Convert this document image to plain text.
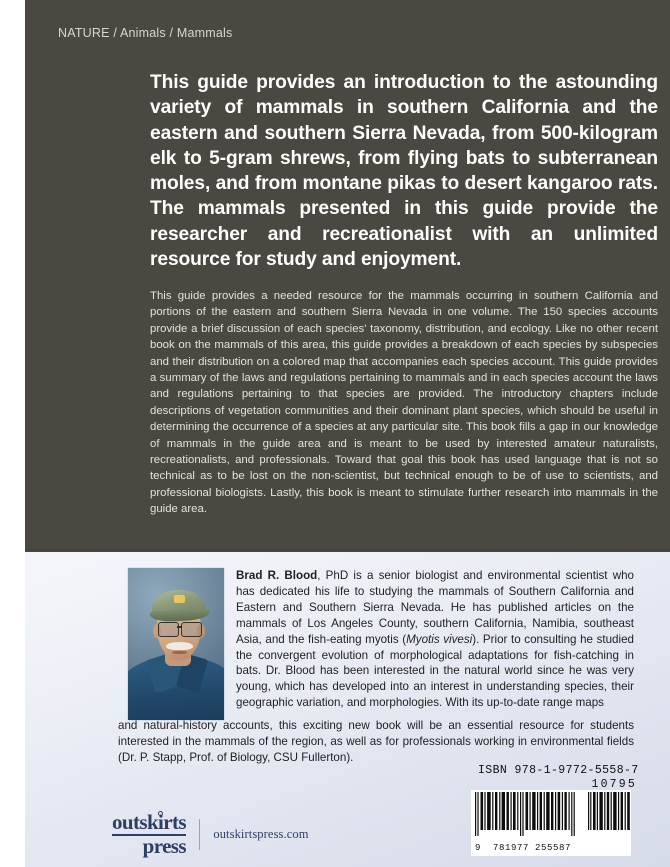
NATURE / Animals / Mammals
This guide provides an introduction to the astounding variety of mammals in southern California and the eastern and southern Sierra Nevada, from 500-kilogram elk to 5-gram shrews, from flying bats to subterranean moles, and from montane pikas to desert kangaroo rats. The mammals presented in this guide provide the researcher and recreationalist with an unlimited resource for study and enjoyment.
This guide provides a needed resource for the mammals occurring in southern California and portions of the eastern and southern Sierra Nevada in one volume. The 150 species accounts provide a brief discussion of each species' taxonomy, distribution, and ecology. Like no other recent book on the mammals of this area, this guide provides a breakdown of each species by subspecies and their distribution on a colored map that accompanies each species account. This guide provides a summary of the laws and regulations pertaining to mammals and in each species account the laws and regulations pertaining to that species are provided. The introductory chapters include descriptions of vegetation communities and their dominant plant species, which should be useful in determining the occurrence of a species at any particular site. This book fills a gap in our knowledge of mammals in the guide area and is meant to be used by interested amateur naturalists, recreationalists, and professionals. Toward that goal this book has used language that is not so technical as to be lost on the non-scientist, but technical enough to be of use to scientists, and professional biologists. Lastly, this book is meant to stimulate further research into mammals in the guide area.
Brad R. Blood, PhD is a senior biologist and environmental scientist who has dedicated his life to studying the mammals of Southern California and Eastern and Southern Sierra Nevada. He has published articles on the mammals of Los Angeles County, southern California, Namibia, southeast Asia, and the fish-eating myotis (Myotis vivesi). Prior to consulting he studied the convergent evolution of morphological adaptations for fish-catching in bats. Dr. Blood has been interested in the natural world since he was very young, which has developed into an interest in understanding species, their geographic variation, and morphologies. With its up-to-date range maps
and natural-history accounts, this exciting new book will be an essential resource for students interested in the mammals of the region, as well as for professionals working in environmental fields (Dr. P. Stapp, Prof. of Biology, CSU Fullerton).
ISBN 978-1-9772-5558-7
10795
9 781977 255587
outskirts
press outskirtspress.com
